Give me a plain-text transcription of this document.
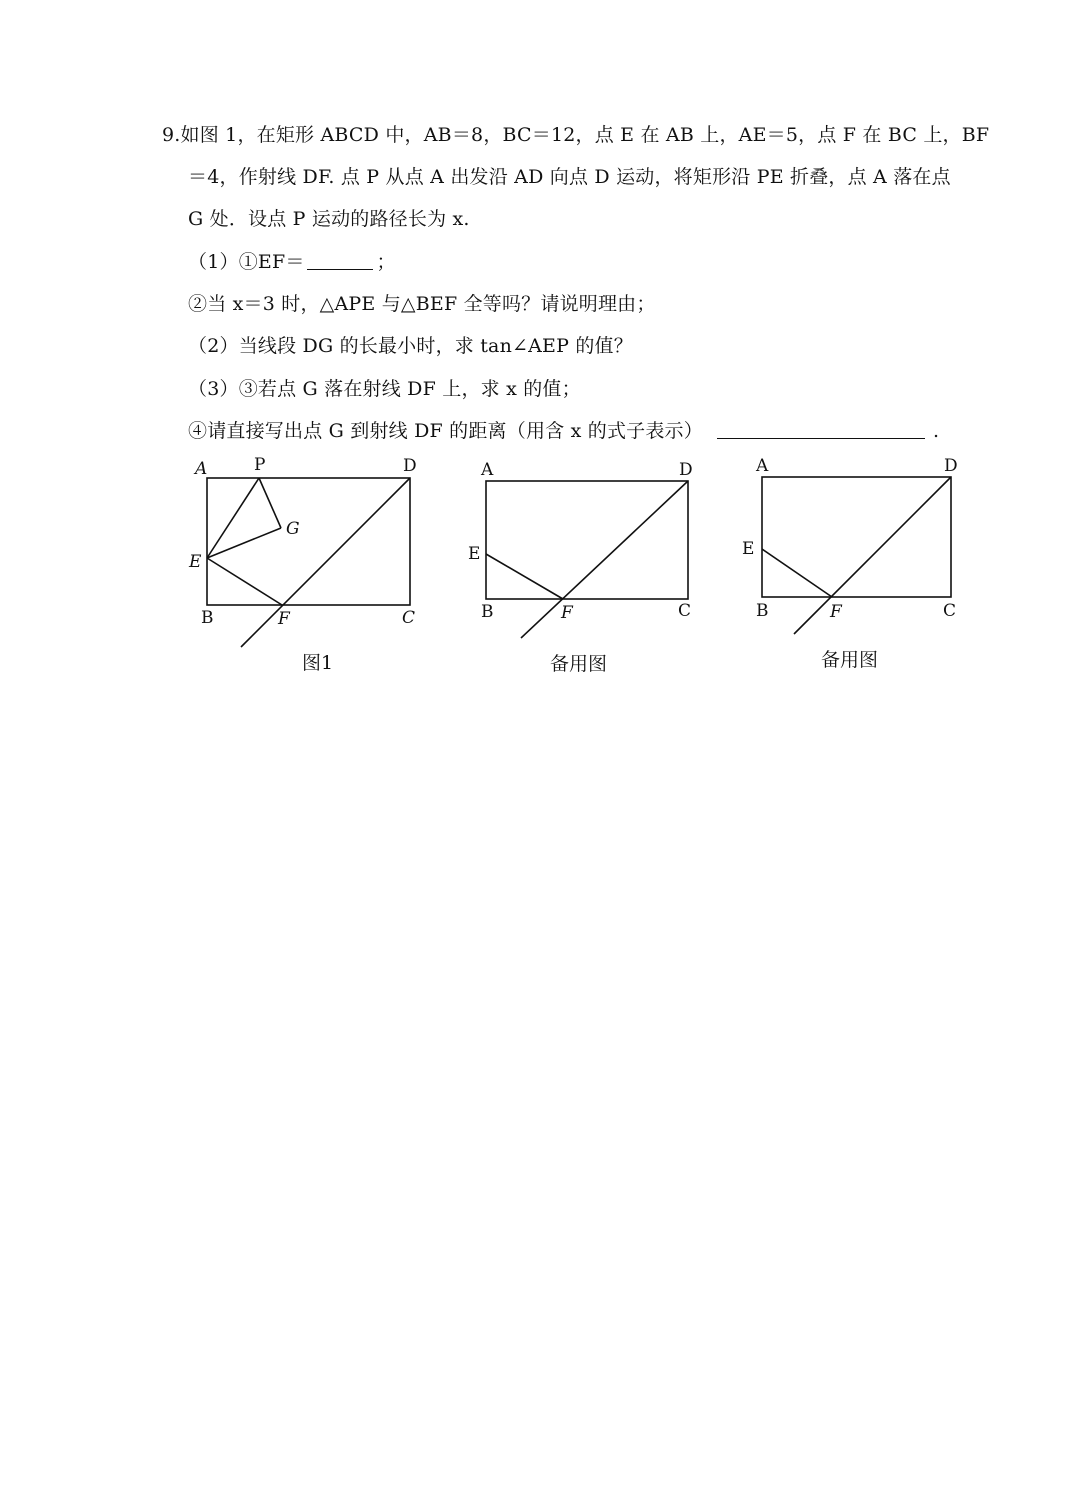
9.如图 1，在矩形 ABCD 中，AB＝8，BC＝12，点 E 在 AB 上，AE＝5，点 F 在 BC 上，BF
＝4，作射线 DF. 点 P 从点 A 出发沿 AD 向点 D 运动，将矩形沿 PE 折叠，点 A 落在点
G 处．设点 P 运动的路径长为 x.
（1）①EF＝	；
②当 x＝3 时，△APE 与△BEF 全等吗？请说明理由；
（2）当线段 DG 的长最小时，求 tan∠AEP 的值？
（3）③若点 G 落在射线 DF 上，求 x 的值；
④请直接写出点 G 到射线 DF 的距离（用含 x 的式子表示）	.
A	P	D
G
E
B	F	C
图1
A	D
E
B	F	C
备用图
A	D
E
B	F	C
备用图
